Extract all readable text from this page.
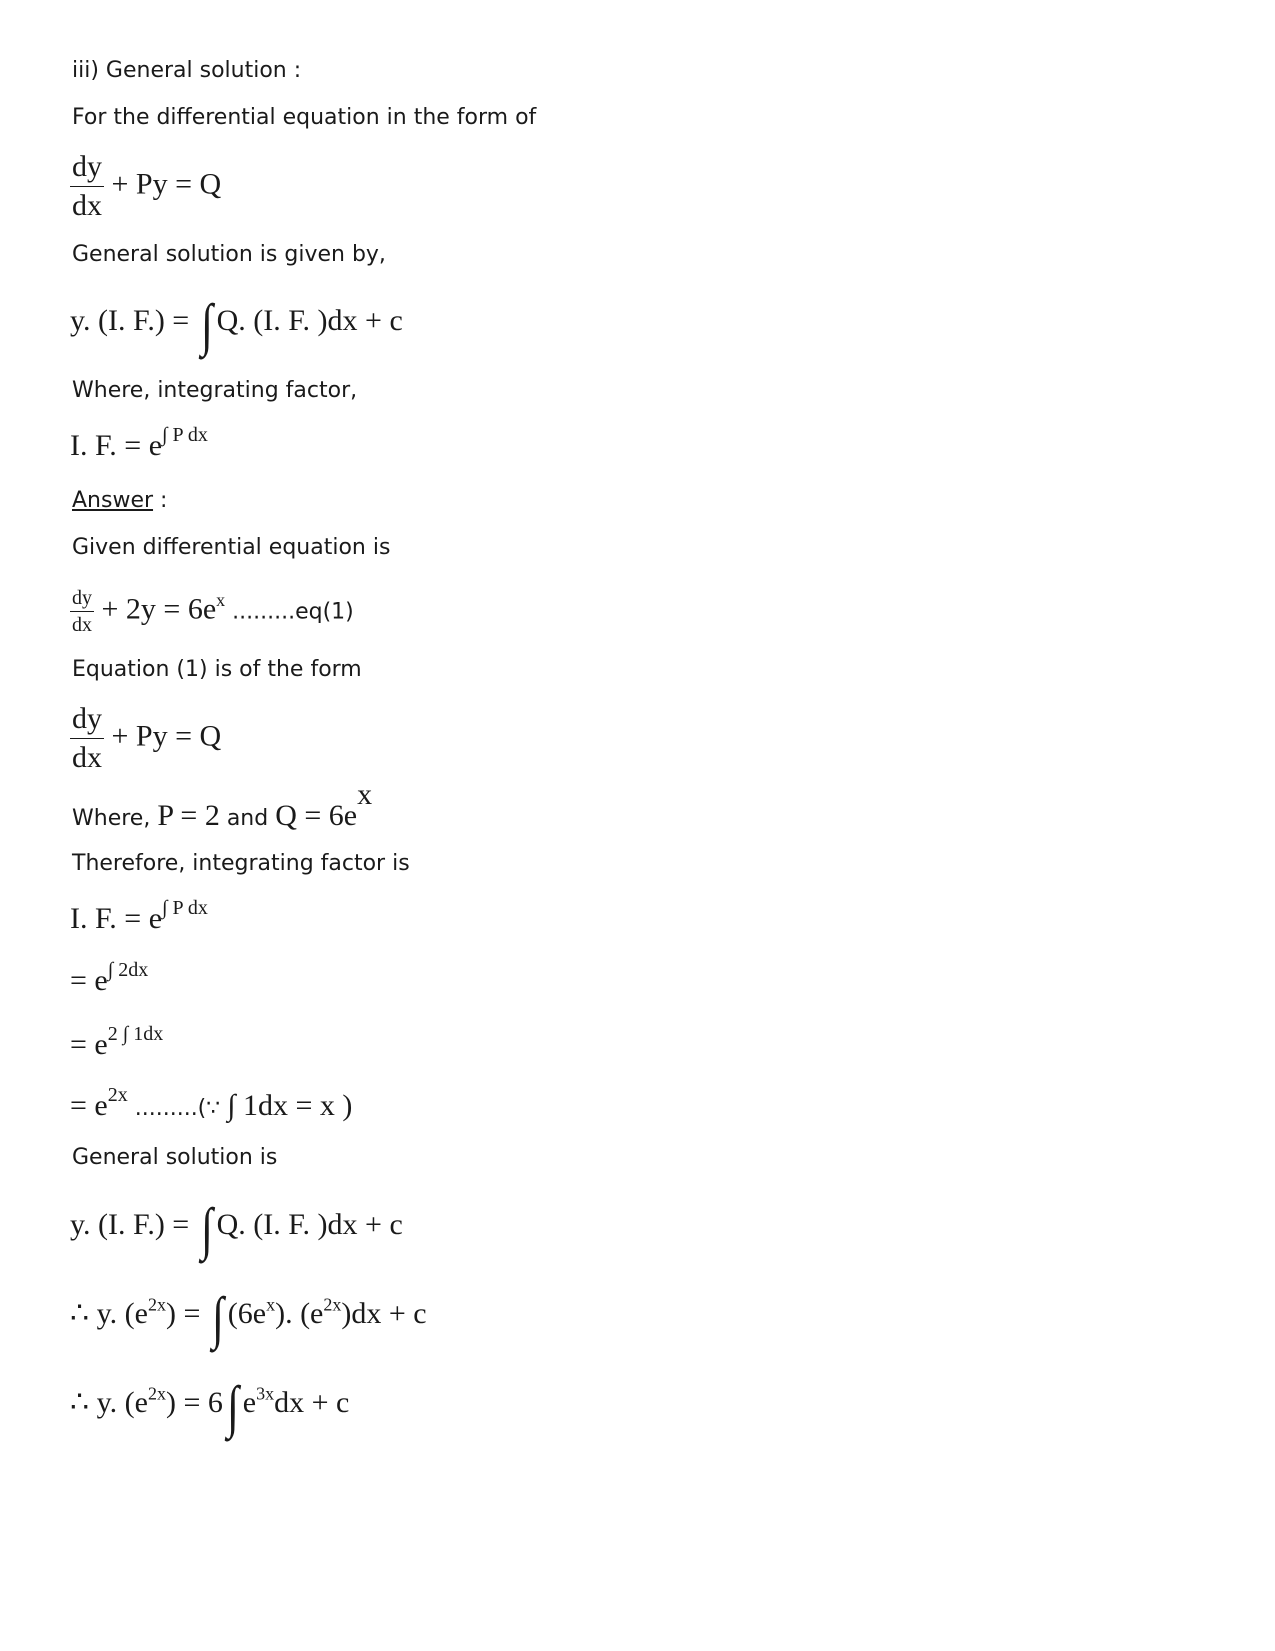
iii) General solution :
For the differential equation in the form of
$\frac{dy}{dx} + Py = Q$
General solution is given by,
y. (I. F.) = ∫ Q. (I. F. )dx + c
Where, integrating factor,
I. F. = $e^{\int P dx}$
Answer :
Given differential equation is
$\frac{dy}{dx} + 2y = 6e^x$ .........eq(1)
Equation (1) is of the form
$\frac{dy}{dx} + Py = Q$
Where, P = 2 and $Q = 6e^x$
Therefore, integrating factor is
I. F. = $e^{\int P dx}$
= $e^{\int 2dx}$
= $e^{2 \int 1dx}$
= $e^{2x}$ .........(∵ ∫ 1dx = x )
General solution is
y. (I. F.) = ∫ Q. (I. F. )dx + c
∴ y. $(e^{2x})$ = ∫ $(6e^x)$. $(e^{2x})dx + c$
∴ y. $(e^{2x}) = 6\int$ $e^{3x}dx + c$
